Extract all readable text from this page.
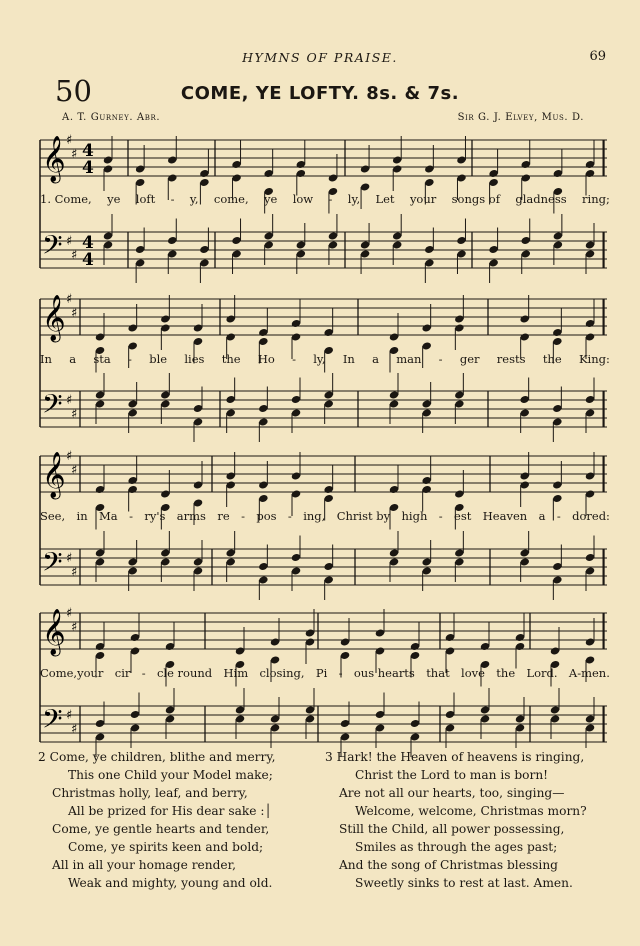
HYMNS OF PRAISE.	69
50	COME, YE LOFTY. 8s. & 7s.
A. T. Gurney. Abr.	Sir G. J. Elvey, Mus. D.
𝄞
𝄢
♯
♯
♯
♯
4
4
4
4
𝄞
𝄢
♯
♯
♯
♯
𝄞
𝄢
♯
♯
♯
♯
𝄞
𝄢
♯
♯
♯
♯
1. Come, ye loft - y, come, ye low - ly, Let your songs of gladness ring;
In a sta - ble lies the Ho - ly, In a man - ger rests the King:
See, in Ma - ry's arms re - pos - ing, Christ by high - est Heaven a - dored:
Come,your cir - cle round Him closing, Pi - ous hearts that love the Lord. A-men.
2 Come, ye children, blithe and merry,
This one Child your Model make;
Christmas holly, leaf, and berry,
All be prized for His dear sake :│
Come, ye gentle hearts and tender,
Come, ye spirits keen and bold;
All in all your homage render,
Weak and mighty, young and old.
3 Hark! the Heaven of heavens is ringing,
Christ the Lord to man is born!
Are not all our hearts, too, singing—
Welcome, welcome, Christmas morn?
Still the Child, all power possessing,
Smiles as through the ages past;
And the song of Christmas blessing
Sweetly sinks to rest at last. Amen.
